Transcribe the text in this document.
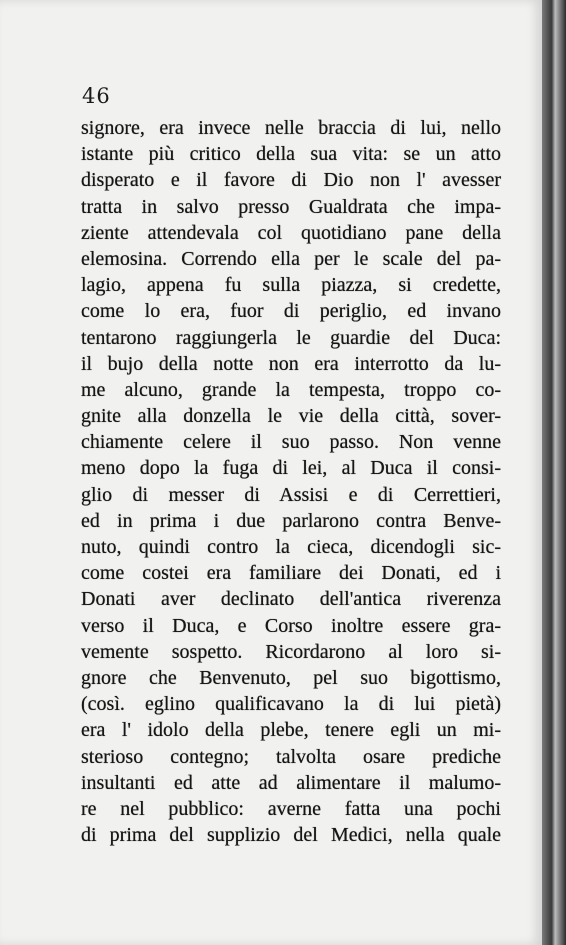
46
signore, era invece nelle braccia di lui, nello
istante più critico della sua vita: se un atto
disperato e il favore di Dio non l' avesser
tratta in salvo presso Gualdrata che impa-
ziente attendevala col quotidiano pane della
elemosina. Correndo ella per le scale del pa-
lagio, appena fu sulla piazza, si credette,
come lo era, fuor di periglio, ed invano
tentarono raggiungerla le guardie del Duca:
il bujo della notte non era interrotto da lu-
me alcuno, grande la tempesta, troppo co-
gnite alla donzella le vie della città, sover-
chiamente celere il suo passo. Non venne
meno dopo la fuga di lei, al Duca il consi-
glio di messer di Assisi e di Cerrettieri,
ed in prima i due parlarono contra Benve-
nuto, quindi contro la cieca, dicendogli sic-
come costei era familiare dei Donati, ed i
Donati aver declinato dell'antica riverenza
verso il Duca, e Corso inoltre essere gra-
vemente sospetto. Ricordarono al loro si-
gnore che Benvenuto, pel suo bigottismo,
(così. eglino qualificavano la di lui pietà)
era l' idolo della plebe, tenere egli un mi-
sterioso contegno; talvolta osare prediche
insultanti ed atte ad alimentare il malumo-
re nel pubblico: averne fatta una pochi
di prima del supplizio del Medici, nella quale
